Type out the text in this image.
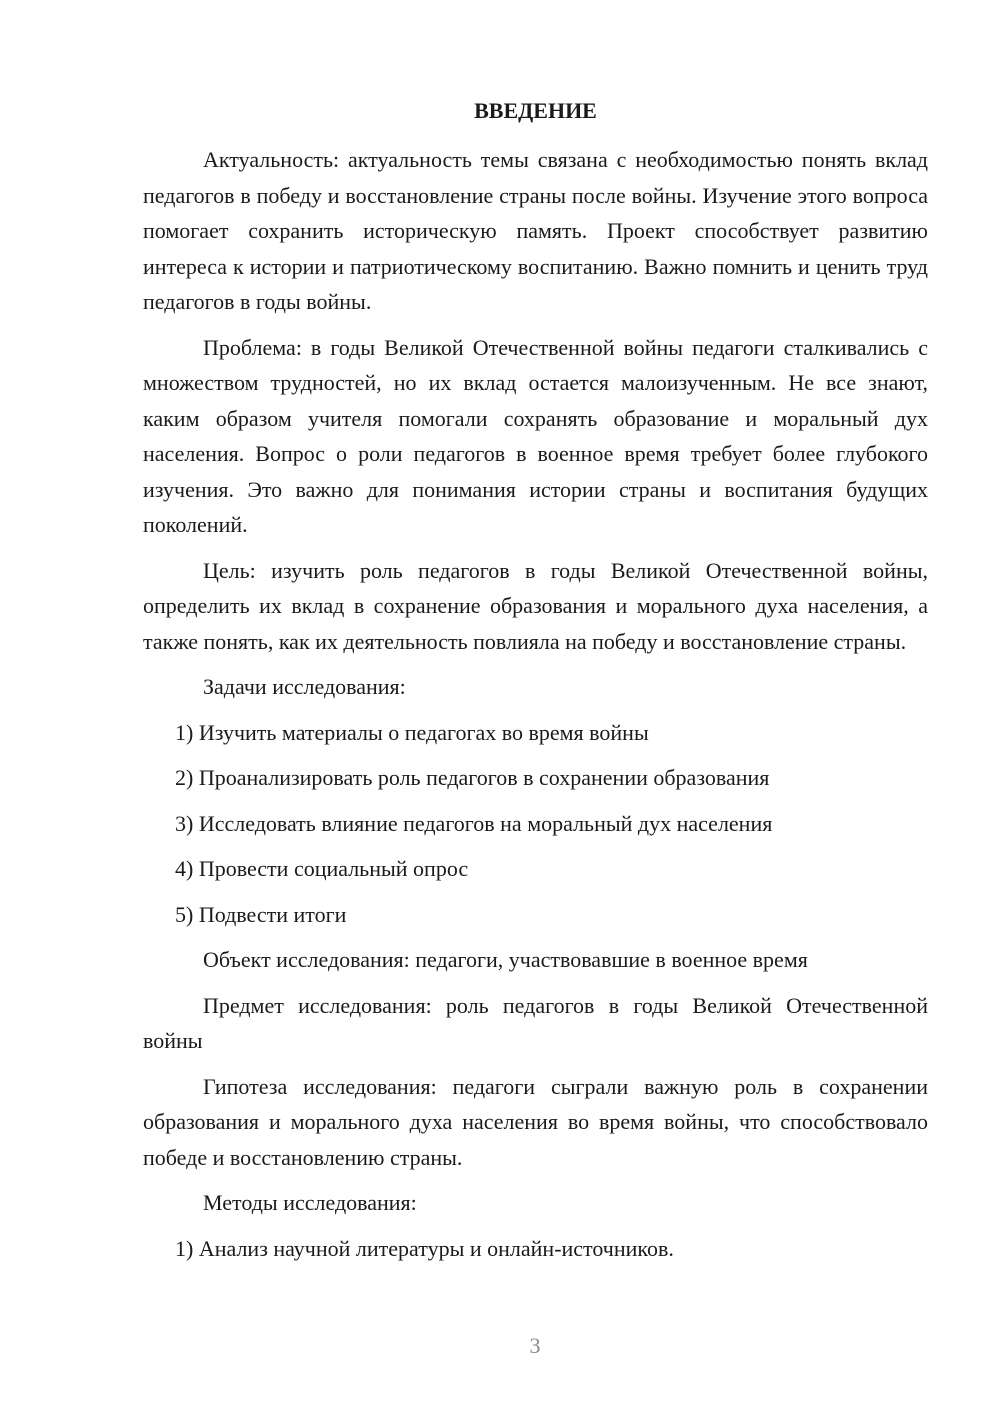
ВВЕДЕНИЕ

Актуальность: актуальность темы связана с необходимостью понять вклад педагогов в победу и восстановление страны после войны. Изучение этого вопроса помогает сохранить историческую память. Проект способствует развитию интереса к истории и патриотическому воспитанию. Важно помнить и ценить труд педагогов в годы войны.

Проблема: в годы Великой Отечественной войны педагоги сталкивались с множеством трудностей, но их вклад остается малоизученным. Не все знают, каким образом учителя помогали сохранять образование и моральный дух населения. Вопрос о роли педагогов в военное время требует более глубокого изучения. Это важно для понимания истории страны и воспитания будущих поколений.

Цель: изучить роль педагогов в годы Великой Отечественной войны, определить их вклад в сохранение образования и морального духа населения, а также понять, как их деятельность повлияла на победу и восстановление страны.

Задачи исследования:

1) Изучить материалы о педагогах во время войны
2) Проанализировать роль педагогов в сохранении образования
3) Исследовать влияние педагогов на моральный дух населения
4) Провести социальный опрос
5) Подвести итоги

Объект исследования: педагоги, участвовавшие в военное время

Предмет исследования: роль педагогов в годы Великой Отечественной войны

Гипотеза исследования: педагоги сыграли важную роль в сохранении образования и морального духа населения во время войны, что способствовало победе и восстановлению страны.

Методы исследования:

1) Анализ научной литературы и онлайн-источников.
3
